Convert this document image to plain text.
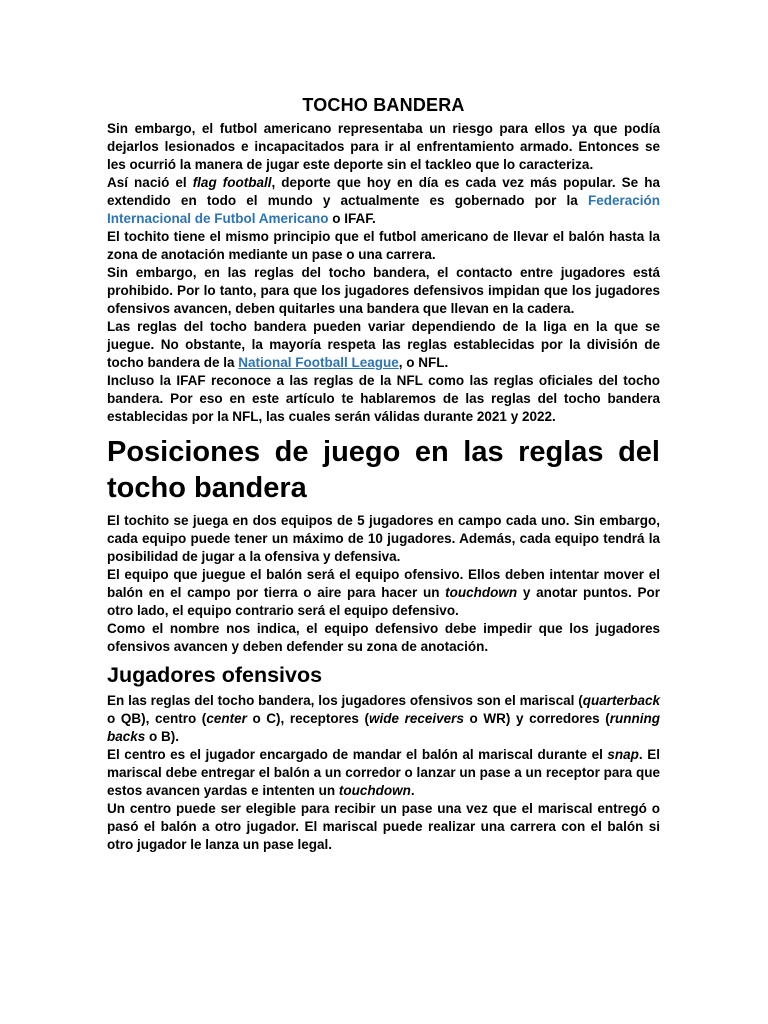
TOCHO BANDERA

Sin embargo, el futbol americano representaba un riesgo para ellos ya que podía dejarlos lesionados e incapacitados para ir al enfrentamiento armado. Entonces se les ocurrió la manera de jugar este deporte sin el tackleo que lo caracteriza.

Así nació el flag football, deporte que hoy en día es cada vez más popular. Se ha extendido en todo el mundo y actualmente es gobernado por la Federación Internacional de Futbol Americano o IFAF.

El tochito tiene el mismo principio que el futbol americano de llevar el balón hasta la zona de anotación mediante un pase o una carrera.

Sin embargo, en las reglas del tocho bandera, el contacto entre jugadores está prohibido. Por lo tanto, para que los jugadores defensivos impidan que los jugadores ofensivos avancen, deben quitarles una bandera que llevan en la cadera.

Las reglas del tocho bandera pueden variar dependiendo de la liga en la que se juegue. No obstante, la mayoría respeta las reglas establecidas por la división de tocho bandera de la National Football League, o NFL.

Incluso la IFAF reconoce a las reglas de la NFL como las reglas oficiales del tocho bandera. Por eso en este artículo te hablaremos de las reglas del tocho bandera establecidas por la NFL, las cuales serán válidas durante 2021 y 2022.

Posiciones de juego en las reglas del tocho bandera

El tochito se juega en dos equipos de 5 jugadores en campo cada uno. Sin embargo, cada equipo puede tener un máximo de 10 jugadores. Además, cada equipo tendrá la posibilidad de jugar a la ofensiva y defensiva.

El equipo que juegue el balón será el equipo ofensivo. Ellos deben intentar mover el balón en el campo por tierra o aire para hacer un touchdown y anotar puntos. Por otro lado, el equipo contrario será el equipo defensivo.

Como el nombre nos indica, el equipo defensivo debe impedir que los jugadores ofensivos avancen y deben defender su zona de anotación.

Jugadores ofensivos

En las reglas del tocho bandera, los jugadores ofensivos son el mariscal (quarterback o QB), centro (center o C), receptores (wide receivers o WR) y corredores (running backs o B).

El centro es el jugador encargado de mandar el balón al mariscal durante el snap. El mariscal debe entregar el balón a un corredor o lanzar un pase a un receptor para que estos avancen yardas e intenten un touchdown.

Un centro puede ser elegible para recibir un pase una vez que el mariscal entregó o pasó el balón a otro jugador. El mariscal puede realizar una carrera con el balón si otro jugador le lanza un pase legal.
